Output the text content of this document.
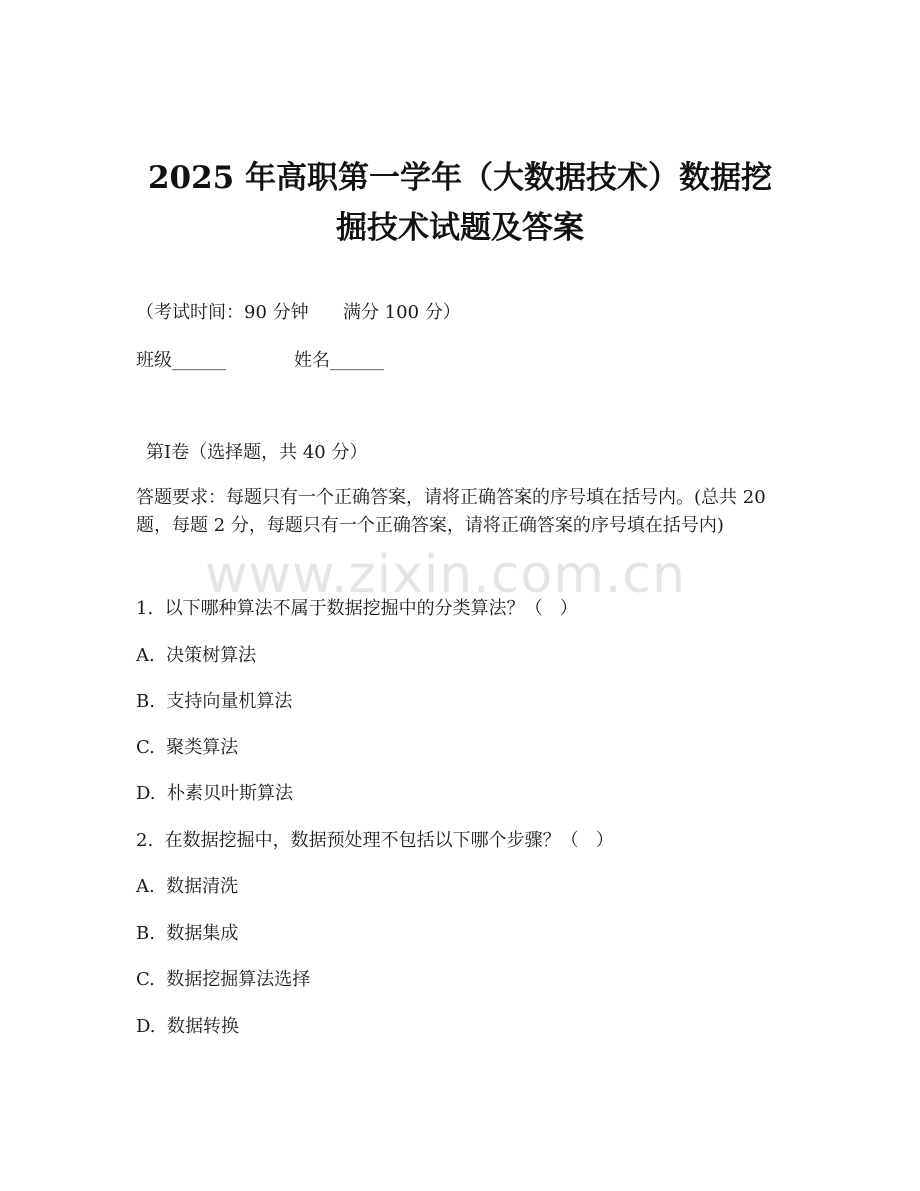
2025 年高职第一学年（大数据技术）数据挖
掘技术试题及答案
（考试时间：90 分钟      满分 100 分）
班级______	姓名______
第Ⅰ卷（选择题，共 40 分）
答题要求：每题只有一个正确答案，请将正确答案的序号填在括号内。(总共 20 题，每题 2 分，每题只有一个正确答案，请将正确答案的序号填在括号内)
1.  以下哪种算法不属于数据挖掘中的分类算法？（   ）
A.  决策树算法
B.  支持向量机算法
C.  聚类算法
D.  朴素贝叶斯算法
2.  在数据挖掘中，数据预处理不包括以下哪个步骤？（   ）
A.  数据清洗
B.  数据集成
C.  数据挖掘算法选择
D.  数据转换
www.zixin.com.cn
